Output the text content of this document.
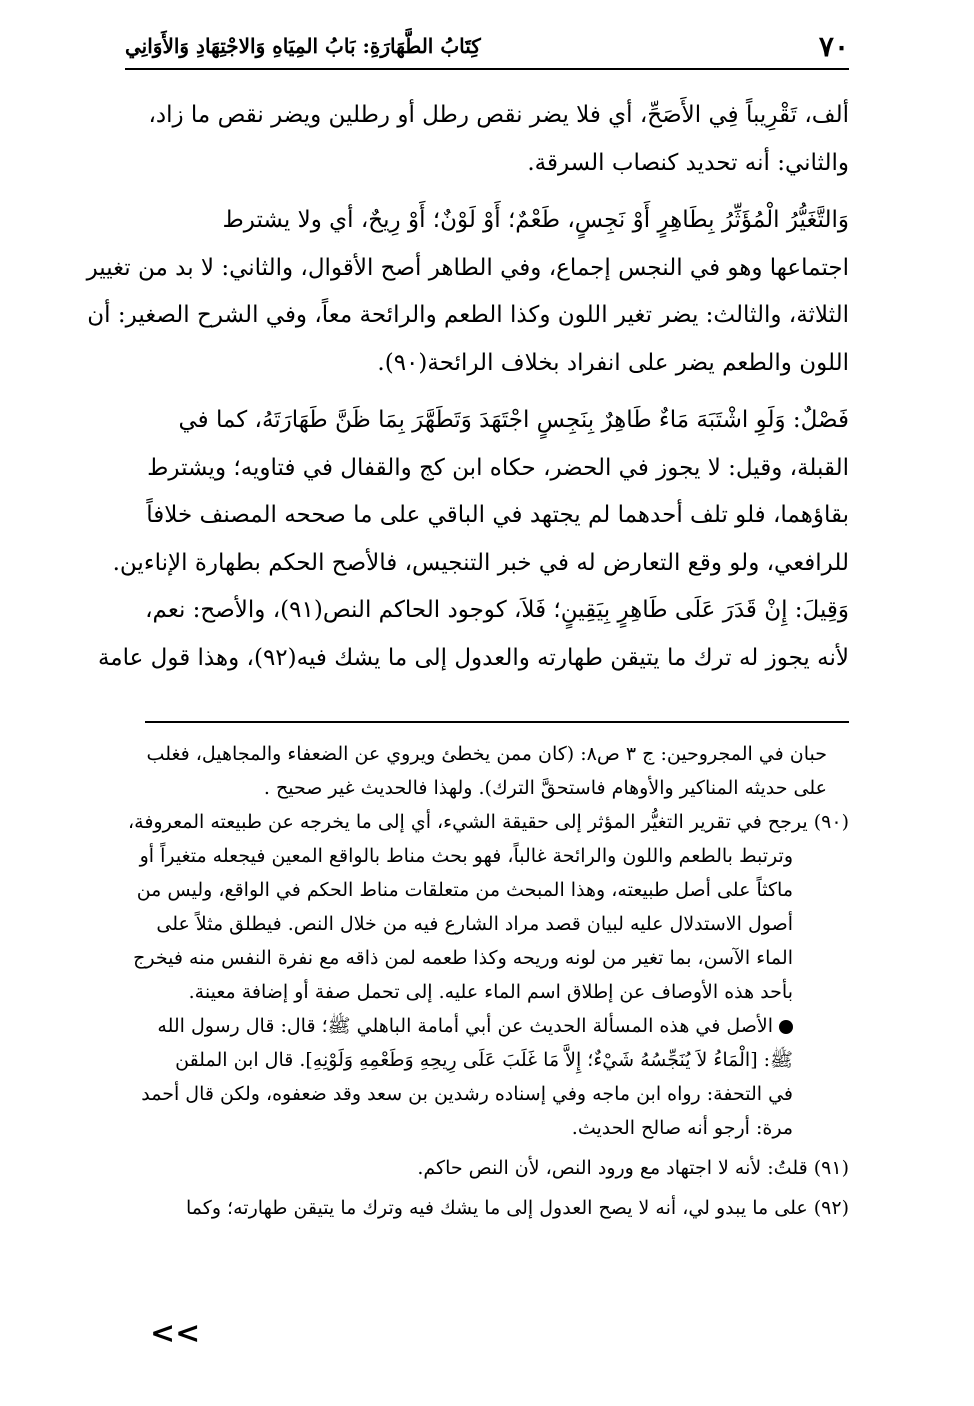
٧٠
كِتَابُ الطَّهَارَةِ: بَابُ المِيَاهِ وَالاجْتِهَادِ وَالأَوَانِي
ألف، تَقْرِيباً فِي الأَصَحِّ، أي فلا يضر نقص رطل أو رطلين ويضر نقص ما زاد،
والثاني: أنه تحديد كنصاب السرقة.
وَالتَّغَيُّرُ الْمُؤَثِّرُ بِطَاهِرٍ أَوْ نَجِسٍ، طَعْمٌ؛ أَوْ لَوْنٌ؛ أَوْ رِيحٌ، أي ولا يشترط
اجتماعها وهو في النجس إجماع، وفي الطاهر أصح الأقوال، والثاني: لا بد من تغيير
الثلاثة، والثالث: يضر تغير اللون وكذا الطعم والرائحة معاً، وفي الشرح الصغير: أن
اللون والطعم يضر على انفراد بخلاف الرائحة(٩٠).
فَصْلٌ: وَلَوِ اشْتَبَهَ مَاءٌ طَاهِرٌ بِنَجِسٍ اجْتَهَدَ وَتَطَهَّرَ بِمَا ظَنَّ طَهَارَتَهُ، كما في
القبلة، وقيل: لا يجوز في الحضر، حكاه ابن كج والقفال في فتاويه؛ ويشترط
بقاؤهما، فلو تلف أحدهما لم يجتهد في الباقي على ما صححه المصنف خلافاً
للرافعي، ولو وقع التعارض له في خبر التنجيس، فالأصح الحكم بطهارة الإناءين.
وَقِيلَ: إِنْ قَدَرَ عَلَى طَاهِرٍ بِيَقِينٍ؛ فَلاَ، كوجود الحاكم النص(٩١)، والأصح: نعم،
لأنه يجوز له ترك ما يتيقن طهارته والعدول إلى ما يشك فيه(٩٢)، وهذا قول عامة
حبان في المجروحين: ج ٣ ص٨: (كان ممن يخطئ ويروي عن الضعفاء والمجاهيل، فغلب
على حديثه المناكير والأوهام فاستحقَّ الترك). ولهذا فالحديث غير صحيح .
(٩٠) يرجح في تقرير التغيُّر المؤثر إلى حقيقة الشيء، أي إلى ما يخرجه عن طبيعته المعروفة،
وترتبط بالطعم واللون والرائحة غالباً، فهو بحث مناط بالواقع المعين فيجعله متغيراً أو
ماكثاً على أصل طبيعته، وهذا المبحث من متعلقات مناط الحكم في الواقع، وليس من
أصول الاستدلال عليه لبيان قصد مراد الشارع فيه من خلال النص. فيطلق مثلاً على
الماء الآسن، بما تغير من لونه وريحه وكذا طعمه لمن ذاقه مع نفرة النفس منه فيخرج
بأحد هذه الأوصاف عن إطلاق اسم الماء عليه. إلى تحمل صفة أو إضافة معينة.
الأصل في هذه المسألة الحديث عن أبي أمامة الباهلي ﷺ؛ قال: قال رسول الله
ﷺ: [الْمَاءُ لاَ يُنَجِّسُهُ شَيْءٌ؛ إِلاَّ مَا غَلَبَ عَلَى رِيحِهِ وَطَعْمِهِ وَلَوْنِهِ]. قال ابن الملقن
في التحفة: رواه ابن ماجه وفي إسناده رشدين بن سعد وقد ضعفوه، ولكن قال أحمد
مرة: أرجو أنه صالح الحديث.
(٩١) قلتُ: لأنه لا اجتهاد مع ورود النص، لأن النص حاكم.
(٩٢) على ما يبدو لي، أنه لا يصح العدول إلى ما يشك فيه وترك ما يتيقن طهارته؛ وكما
<<
